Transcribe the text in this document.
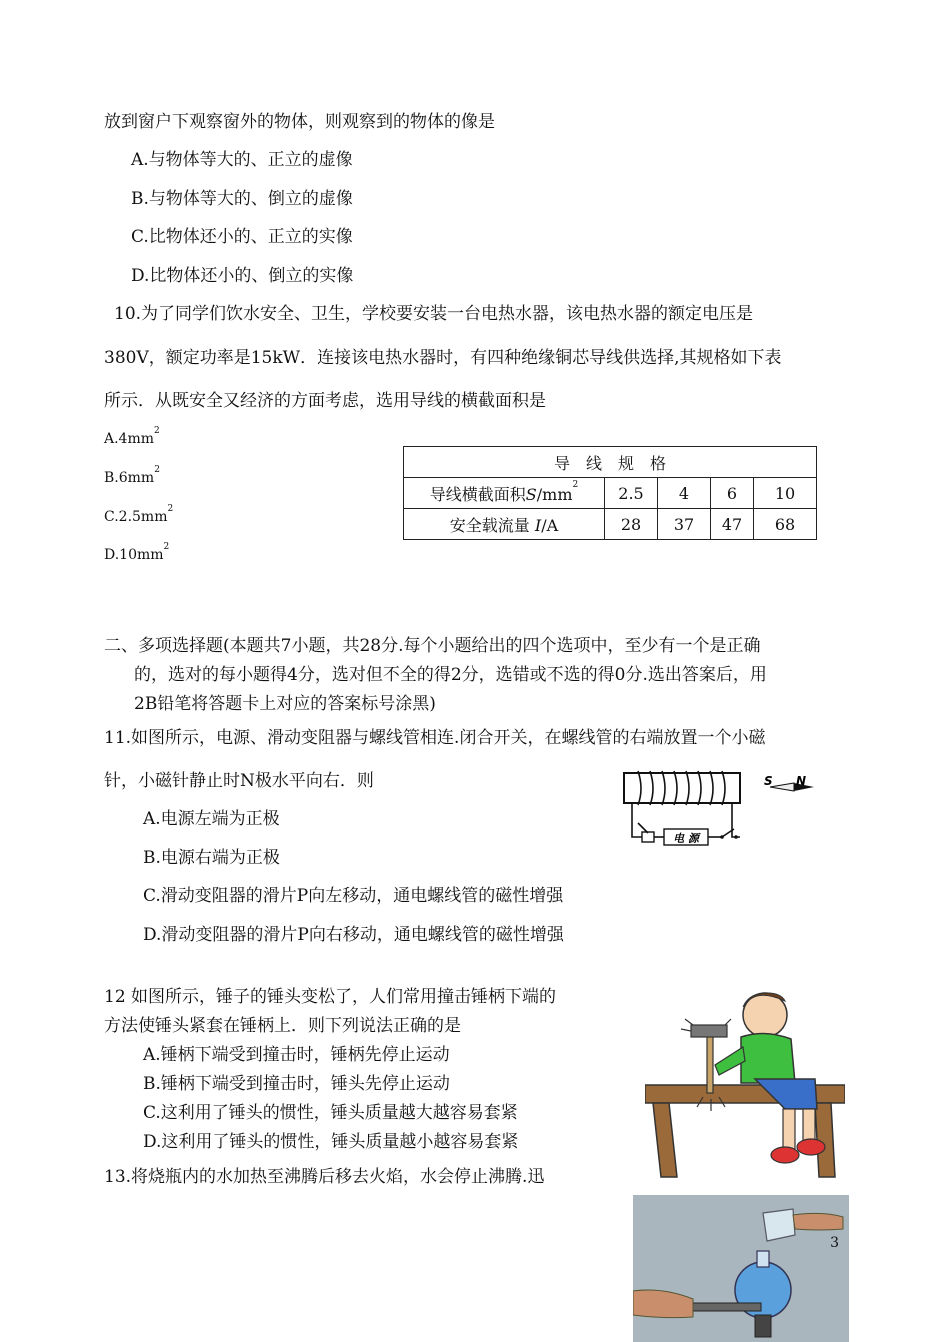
放到窗户下观察窗外的物体，则观察到的物体的像是
A.与物体等大的、正立的虚像
B.与物体等大的、倒立的虚像
C.比物体还小的、正立的实像
D.比物体还小的、倒立的实像
10.为了同学们饮水安全、卫生，学校要安装一台电热水器，该电热水器的额定电压是
380V，额定功率是15kW．连接该电热水器时，有四种绝缘铜芯导线供选择,其规格如下表
所示．从既安全又经济的方面考虑，选用导线的横截面积是
$A.4mm^2$
$B.6mm^2$
$C.2.5mm^2$
$D.10mm^2$
导　线　规　格				
导线横截面积$S/mm^2$	2.5	4	6	10
安全载流量 I/A	28	37	47	68
二、多项选择题(本题共7小题，共28分.每个小题给出的四个选项中，至少有一个是正确
的，选对的每小题得4分，选对但不全的得2分，选错或不选的得0分.选出答案后，用
2B铅笔将答题卡上对应的答案标号涂黑)
11.如图所示，电源、滑动变阻器与螺线管相连.闭合开关，在螺线管的右端放置一个小磁
针，小磁针静止时N极水平向右．则
A.电源左端为正极
B.电源右端为正极
C.滑动变阻器的滑片P向左移动，通电螺线管的磁性增强
D.滑动变阻器的滑片P向右移动，通电螺线管的磁性增强
电 源
S N
12 如图所示，锤子的锤头变松了，人们常用撞击锤柄下端的
方法使锤头紧套在锤柄上．则下列说法正确的是
A.锤柄下端受到撞击时，锤柄先停止运动
B.锤柄下端受到撞击时，锤头先停止运动
C.这利用了锤头的惯性，锤头质量越大越容易套紧
D.这利用了锤头的惯性，锤头质量越小越容易套紧
13.将烧瓶内的水加热至沸腾后移去火焰，水会停止沸腾.迅
3
